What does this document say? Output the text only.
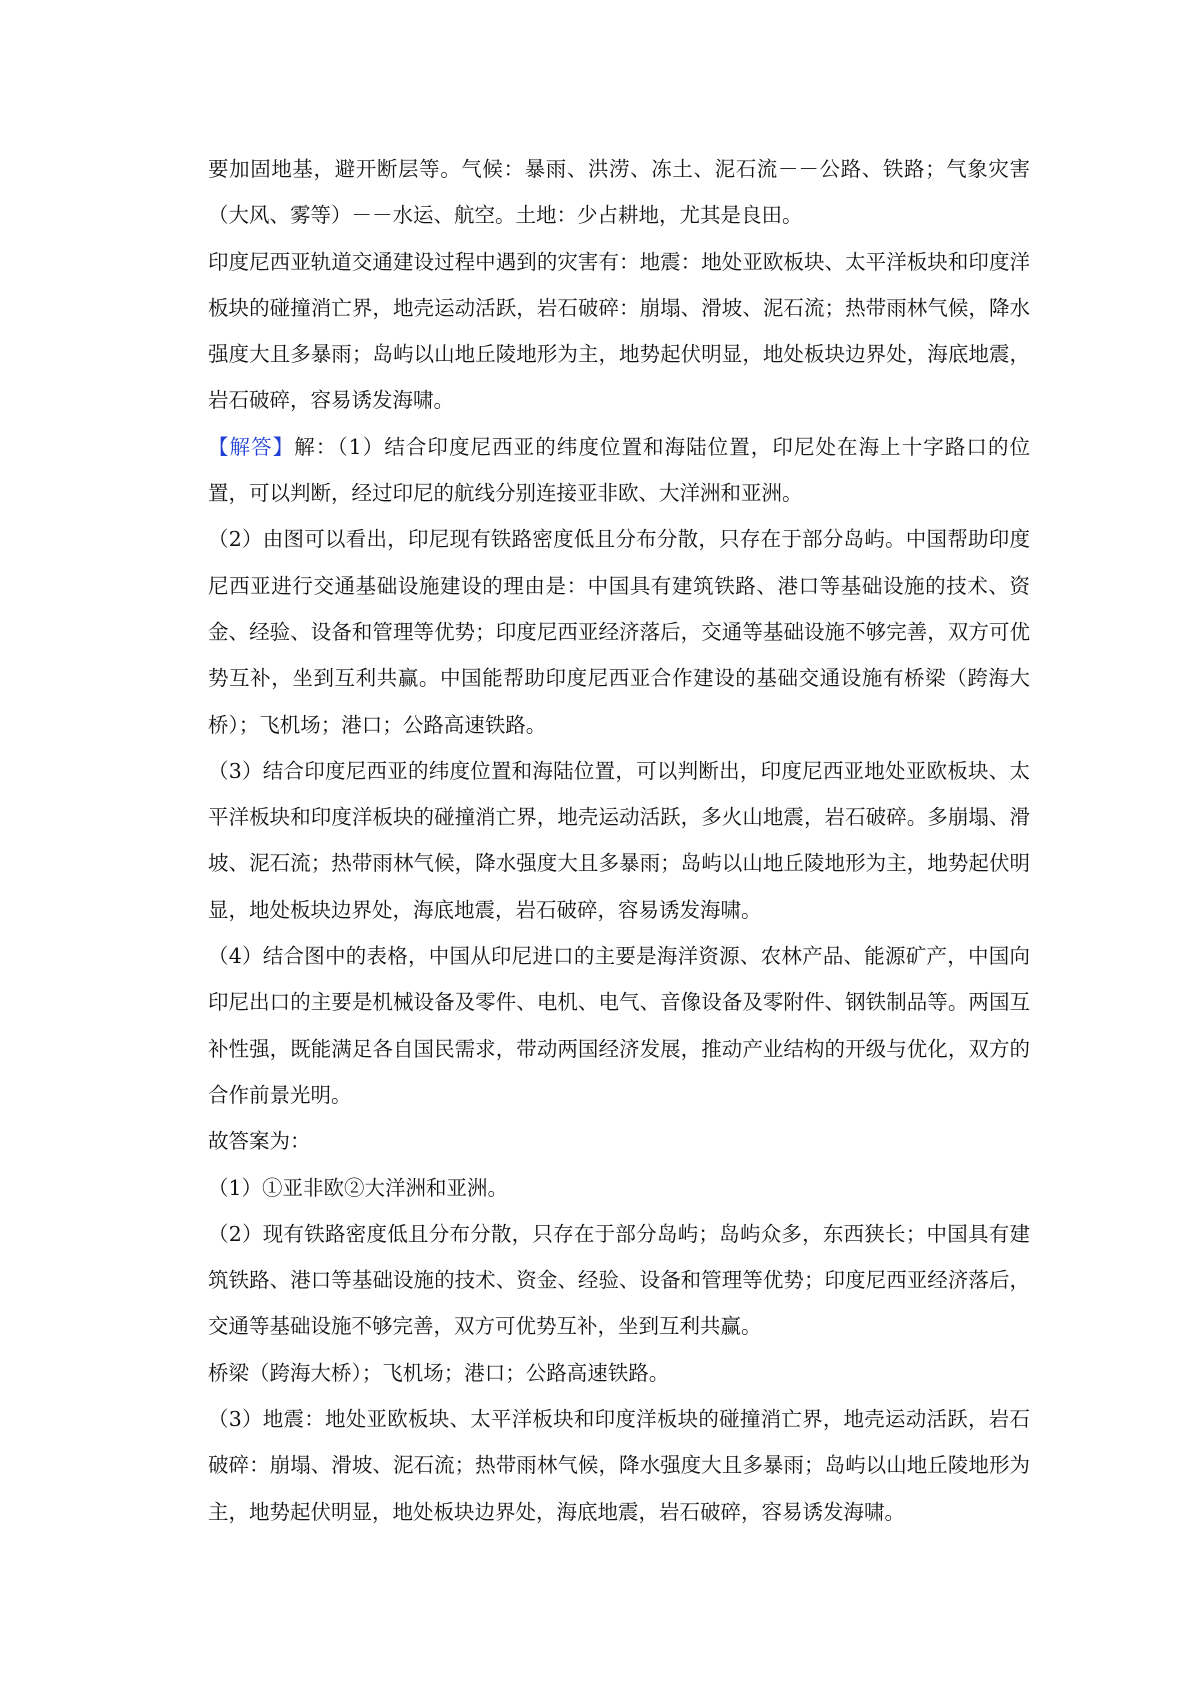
要加固地基，避开断层等。气候：暴雨、洪涝、冻土、泥石流－－公路、铁路；气象灾害（大风、雾等）－－水运、航空。土地：少占耕地，尤其是良田。

印度尼西亚轨道交通建设过程中遇到的灾害有：地震：地处亚欧板块、太平洋板块和印度洋板块的碰撞消亡界，地壳运动活跃，岩石破碎：崩塌、滑坡、泥石流；热带雨林气候，降水强度大且多暴雨；岛屿以山地丘陵地形为主，地势起伏明显，地处板块边界处，海底地震，岩石破碎，容易诱发海啸。

【解答】解：（1）结合印度尼西亚的纬度位置和海陆位置，印尼处在海上十字路口的位置，可以判断，经过印尼的航线分别连接亚非欧、大洋洲和亚洲。

（2）由图可以看出，印尼现有铁路密度低且分布分散，只存在于部分岛屿。中国帮助印度尼西亚进行交通基础设施建设的理由是：中国具有建筑铁路、港口等基础设施的技术、资金、经验、设备和管理等优势；印度尼西亚经济落后，交通等基础设施不够完善，双方可优势互补，坐到互利共赢。中国能帮助印度尼西亚合作建设的基础交通设施有桥梁（跨海大桥）；飞机场；港口；公路高速铁路。

（3）结合印度尼西亚的纬度位置和海陆位置，可以判断出，印度尼西亚地处亚欧板块、太平洋板块和印度洋板块的碰撞消亡界，地壳运动活跃，多火山地震，岩石破碎。多崩塌、滑坡、泥石流；热带雨林气候，降水强度大且多暴雨；岛屿以山地丘陵地形为主，地势起伏明显，地处板块边界处，海底地震，岩石破碎，容易诱发海啸。

（4）结合图中的表格，中国从印尼进口的主要是海洋资源、农林产品、能源矿产，中国向印尼出口的主要是机械设备及零件、电机、电气、音像设备及零附件、钢铁制品等。两国互补性强，既能满足各自国民需求，带动两国经济发展，推动产业结构的开级与优化，双方的合作前景光明。

故答案为：

（1）①亚非欧②大洋洲和亚洲。

（2）现有铁路密度低且分布分散，只存在于部分岛屿；岛屿众多，东西狭长；中国具有建筑铁路、港口等基础设施的技术、资金、经验、设备和管理等优势；印度尼西亚经济落后，交通等基础设施不够完善，双方可优势互补，坐到互利共赢。

桥梁（跨海大桥）；飞机场；港口；公路高速铁路。

（3）地震：地处亚欧板块、太平洋板块和印度洋板块的碰撞消亡界，地壳运动活跃，岩石破碎：崩塌、滑坡、泥石流；热带雨林气候，降水强度大且多暴雨；岛屿以山地丘陵地形为主，地势起伏明显，地处板块边界处，海底地震，岩石破碎，容易诱发海啸。
